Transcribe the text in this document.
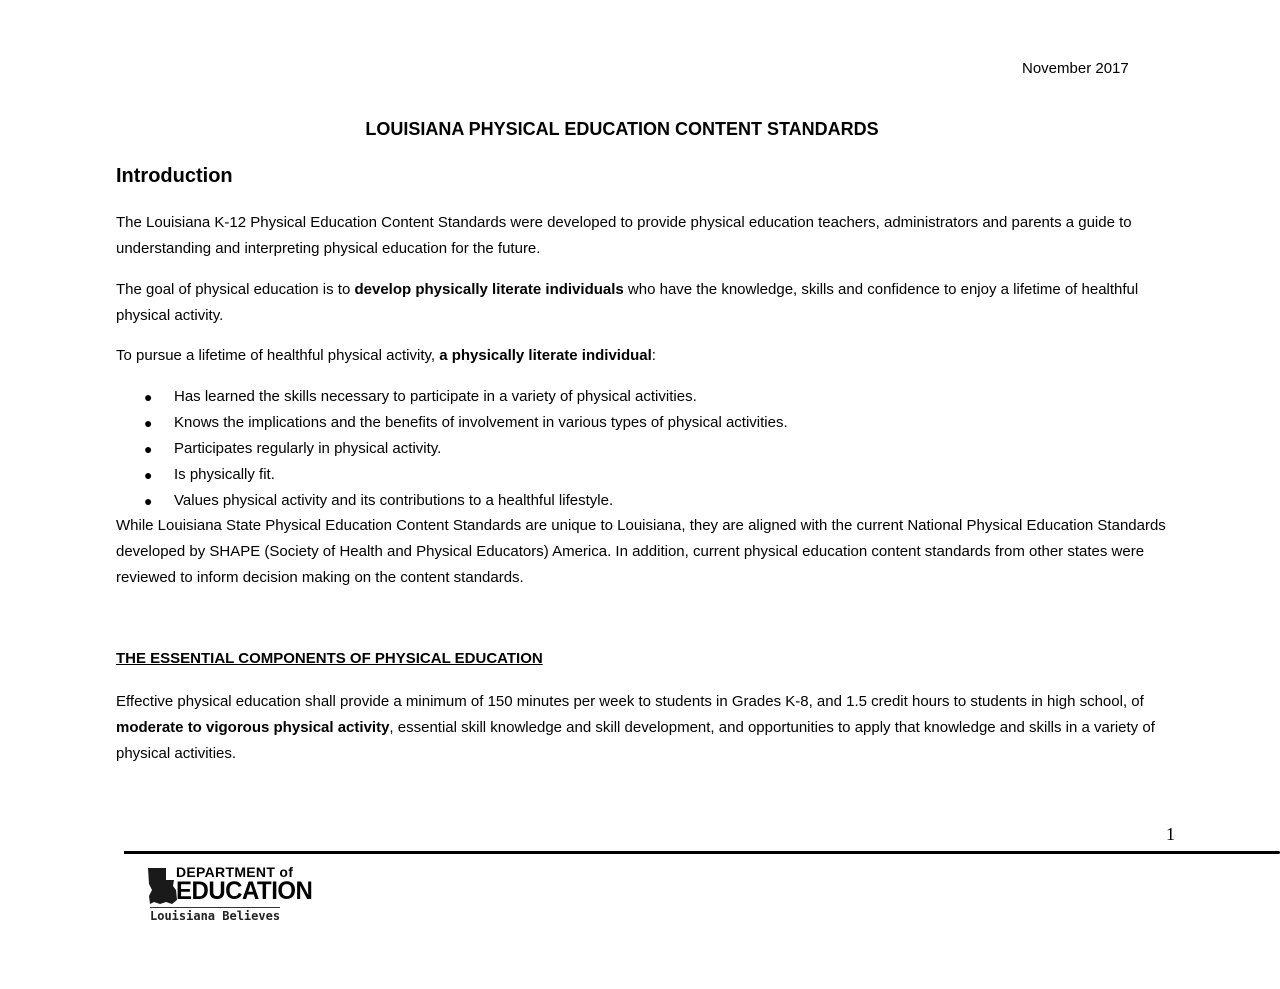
November 2017
LOUISIANA PHYSICAL EDUCATION CONTENT STANDARDS
Introduction
The Louisiana K-12 Physical Education Content Standards were developed to provide physical education teachers, administrators and parents a guide to understanding and interpreting physical education for the future.
The goal of physical education is to develop physically literate individuals who have the knowledge, skills and confidence to enjoy a lifetime of healthful physical activity.
To pursue a lifetime of healthful physical activity, a physically literate individual:
● Has learned the skills necessary to participate in a variety of physical activities.
● Knows the implications and the benefits of involvement in various types of physical activities.
● Participates regularly in physical activity.
● Is physically fit.
● Values physical activity and its contributions to a healthful lifestyle.
While Louisiana State Physical Education Content Standards are unique to Louisiana, they are aligned with the current National Physical Education Standards developed by SHAPE (Society of Health and Physical Educators) America. In addition, current physical education content standards from other states were reviewed to inform decision making on the content standards.
THE ESSENTIAL COMPONENTS OF PHYSICAL EDUCATION
Effective physical education shall provide a minimum of 150 minutes per week to students in Grades K-8, and 1.5 credit hours to students in high school, of moderate to vigorous physical activity, essential skill knowledge and skill development, and opportunities to apply that knowledge and skills in a variety of physical activities.
1
DEPARTMENT of
EDUCATION
Louisiana Believes
